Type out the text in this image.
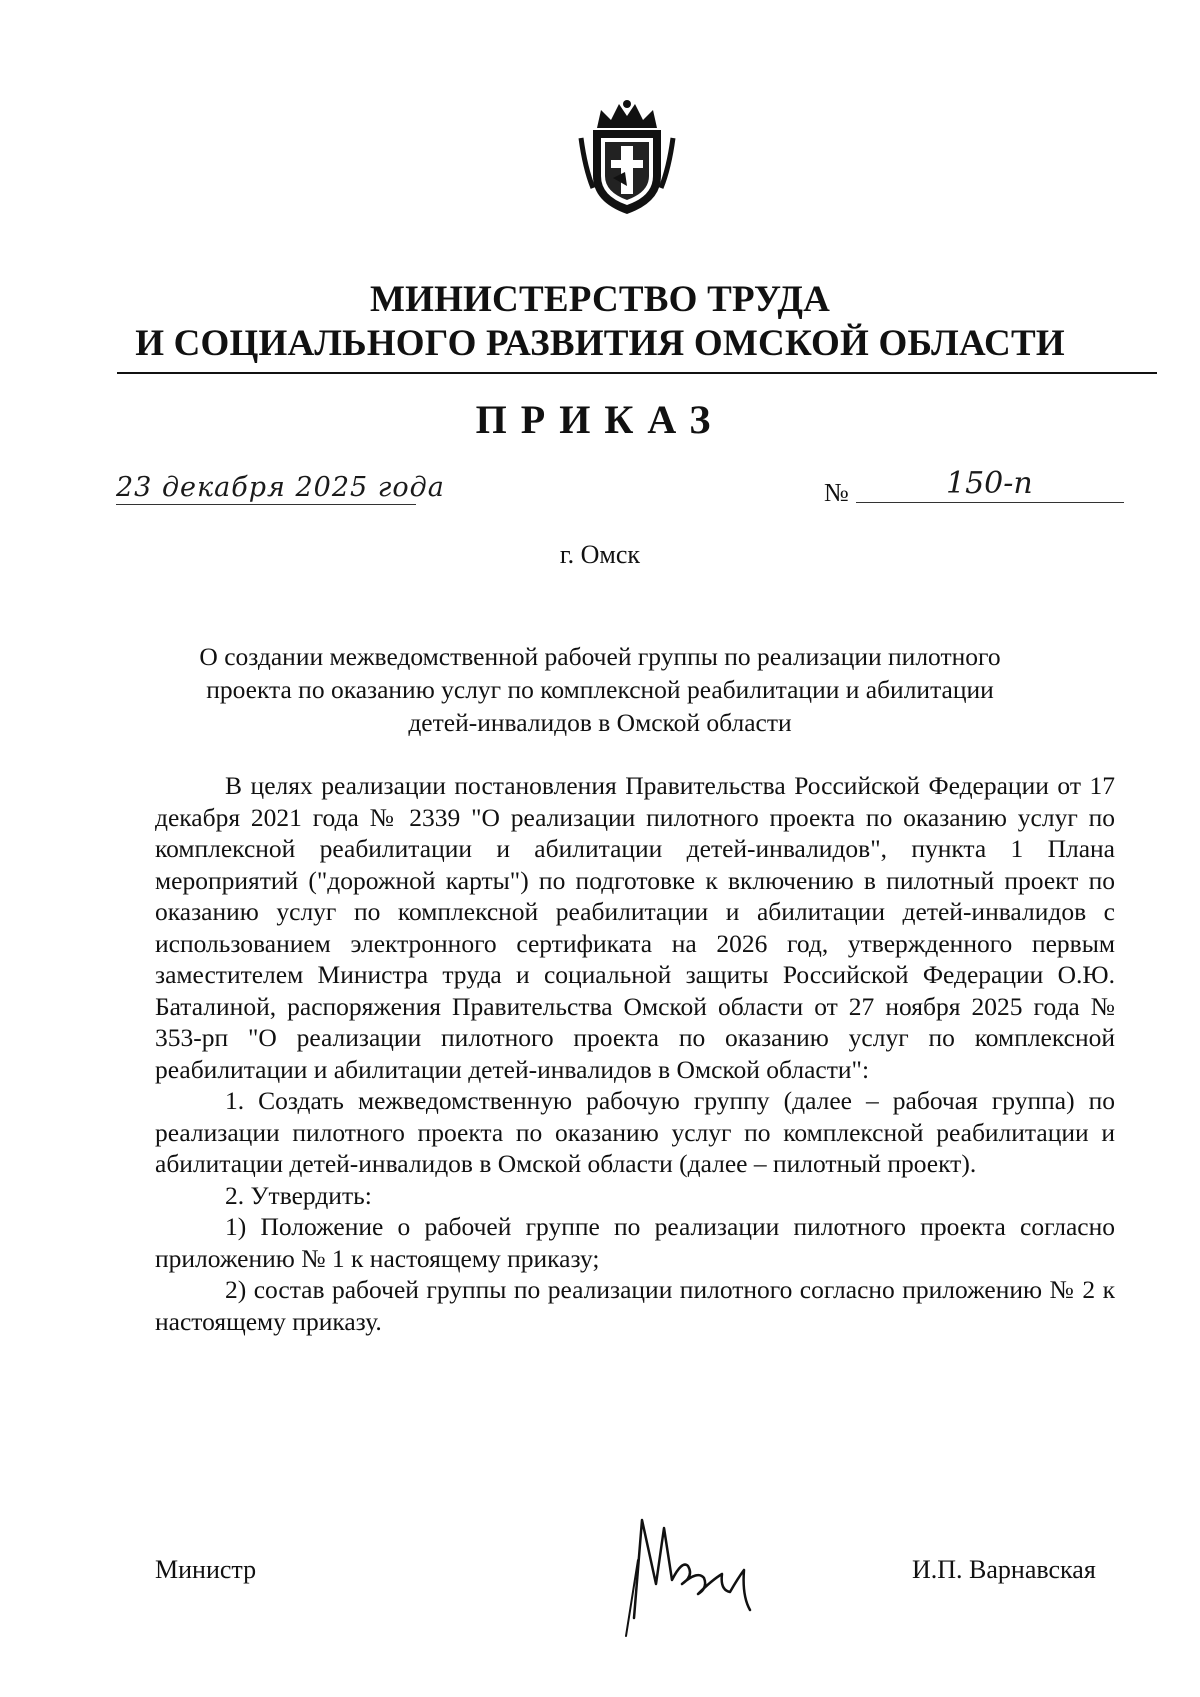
МИНИСТЕРСТВО ТРУДА
И СОЦИАЛЬНОГО РАЗВИТИЯ ОМСКОЙ ОБЛАСТИ
ПРИКАЗ
23 декабря 2025 года	№	150-п
г. Омск
О создании межведомственной рабочей группы по реализации пилотного
проекта по оказанию услуг по комплексной реабилитации и абилитации
детей-инвалидов в Омской области

В целях реализации постановления Правительства Российской Федерации от 17 декабря 2021 года № 2339 "О реализации пилотного проекта по оказанию услуг по комплексной реабилитации и абилитации детей-инвалидов", пункта 1 Плана мероприятий ("дорожной карты") по подготовке к включению в пилотный проект по оказанию услуг по комплексной реабилитации и абилитации детей-инвалидов с использованием электронного сертификата на 2026 год, утвержденного первым заместителем Министра труда и социальной защиты Российской Федерации О.Ю. Баталиной, распоряжения Правительства Омской области от 27 ноября 2025 года № 353-рп "О реализации пилотного проекта по оказанию услуг по комплексной реабилитации и абилитации детей-инвалидов в Омской области":

1. Создать межведомственную рабочую группу (далее – рабочая группа) по реализации пилотного проекта по оказанию услуг по комплексной реабилитации и абилитации детей-инвалидов в Омской области (далее – пилотный проект).

2. Утвердить:

1) Положение о рабочей группе по реализации пилотного проекта согласно приложению № 1 к настоящему приказу;

2) состав рабочей группы по реализации пилотного согласно приложению № 2 к настоящему приказу.

Министр	И.П. Варнавская
